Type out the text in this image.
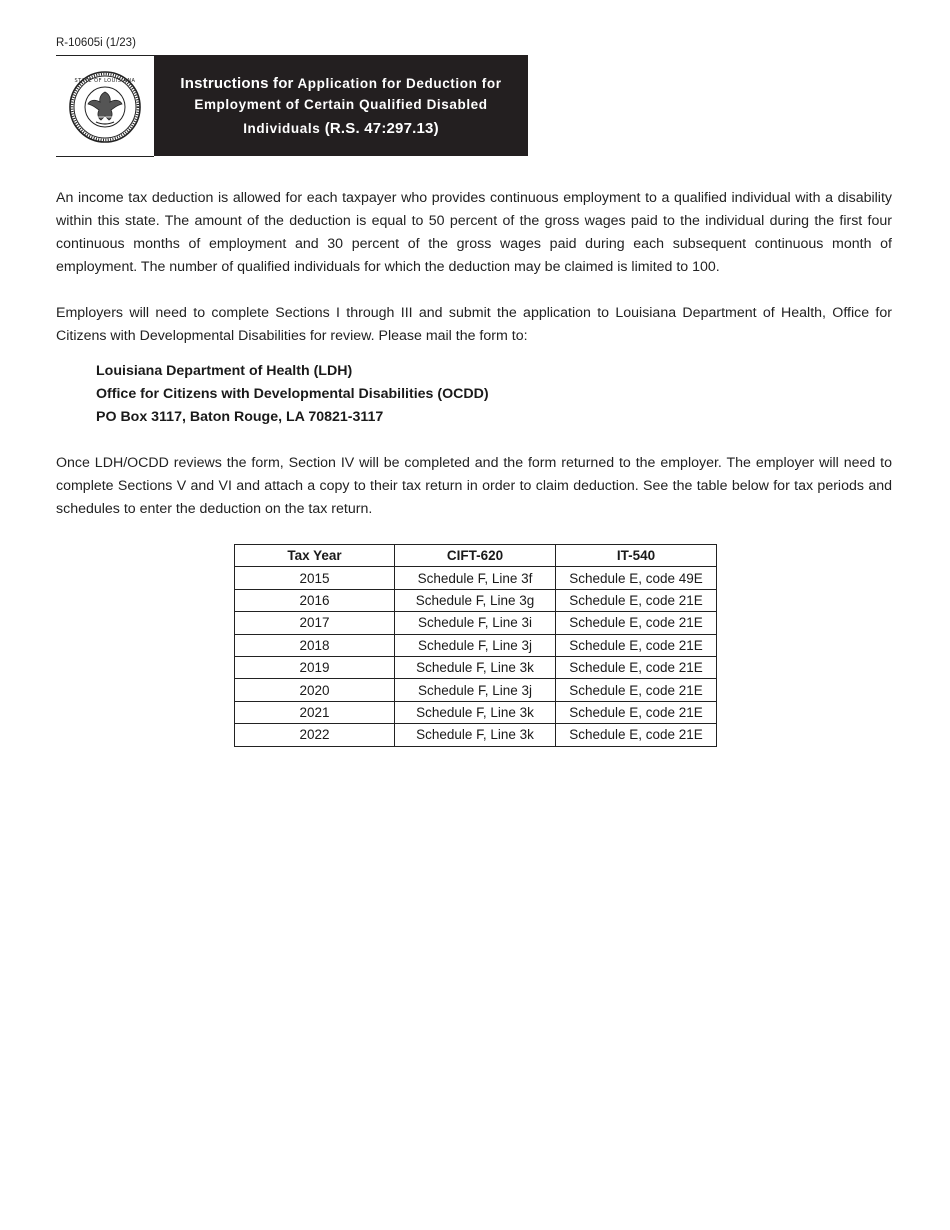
R-10605i (1/23)
STATE OF LOUISIANA	Instructions for Application for Deduction for
Employment of Certain Qualified Disabled
Individuals (R.S. 47:297.13)
An income tax deduction is allowed for each taxpayer who provides continuous employment to a qualified individual with a disability within this state. The amount of the deduction is equal to 50 percent of the gross wages paid to the individual during the first four continuous months of employment and 30 percent of the gross wages paid during each subsequent continuous month of employment. The number of qualified individuals for which the deduction may be claimed is limited to 100.
Employers will need to complete Sections I through III and submit the application to Louisiana Department of Health, Office for Citizens with Developmental Disabilities for review. Please mail the form to:
Louisiana Department of Health (LDH)
Office for Citizens with Developmental Disabilities (OCDD)
PO Box 3117, Baton Rouge, LA 70821-3117
Once LDH/OCDD reviews the form, Section IV will be completed and the form returned to the employer. The employer will need to complete Sections V and VI and attach a copy to their tax return in order to claim deduction. See the table below for tax periods and schedules to enter the deduction on the tax return.
Tax Year	CIFT-620	IT-540
2015	Schedule F, Line 3f	Schedule E, code 49E
2016	Schedule F, Line 3g	Schedule E, code 21E
2017	Schedule F, Line 3i	Schedule E, code 21E
2018	Schedule F, Line 3j	Schedule E, code 21E
2019	Schedule F, Line 3k	Schedule E, code 21E
2020	Schedule F, Line 3j	Schedule E, code 21E
2021	Schedule F, Line 3k	Schedule E, code 21E
2022	Schedule F, Line 3k	Schedule E, code 21E
